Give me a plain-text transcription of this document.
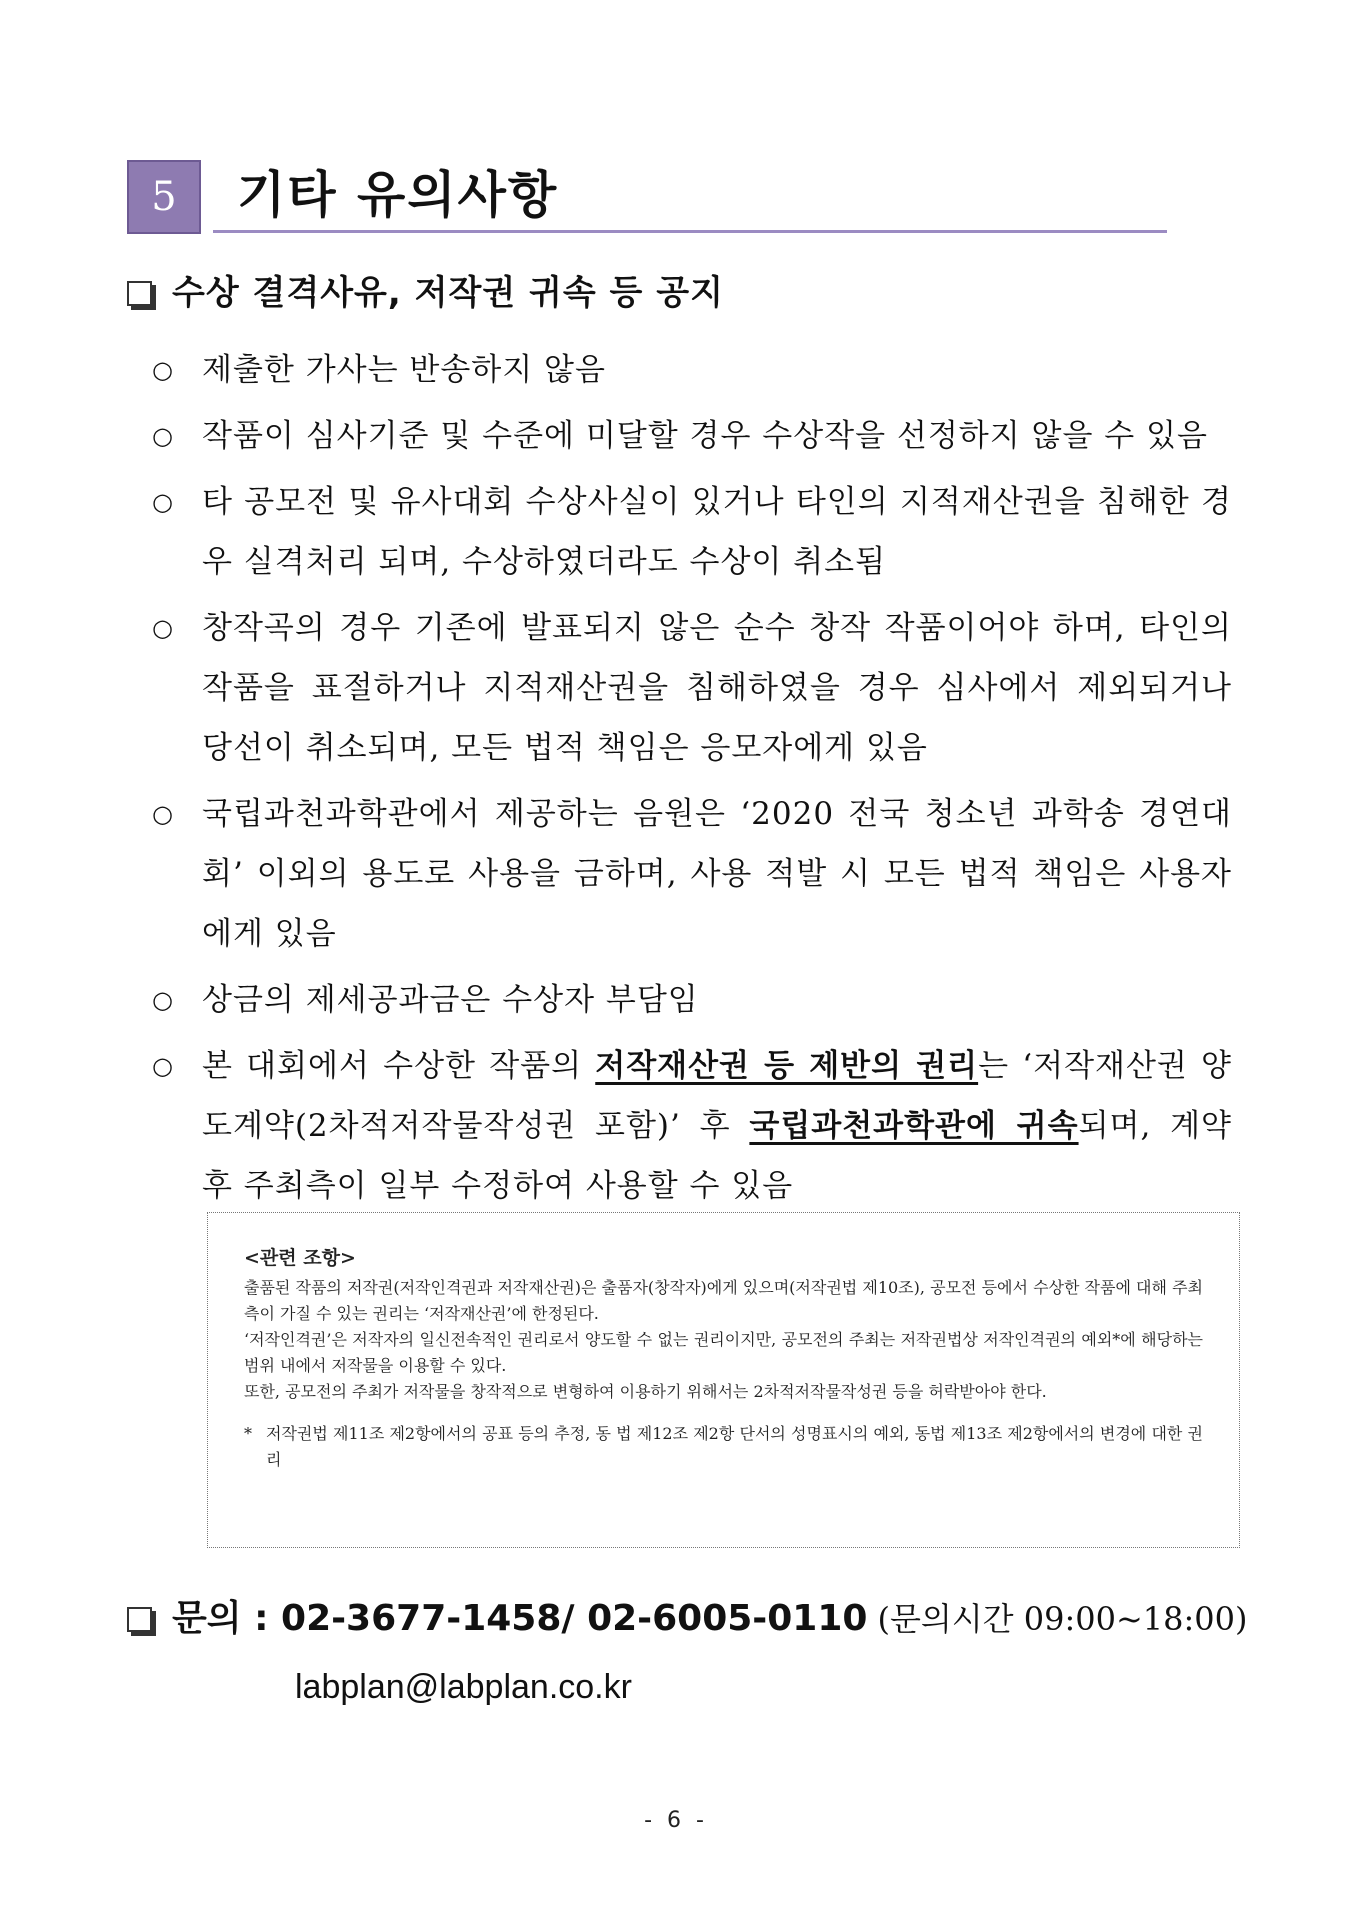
5	기타 유의사항
수상 결격사유, 저작권 귀속 등 공지
○ 제출한 가사는 반송하지 않음
○ 작품이 심사기준 및 수준에 미달할 경우 수상작을 선정하지 않을 수 있음
○ 타 공모전 및 유사대회 수상사실이 있거나 타인의 지적재산권을 침해한 경우 실격처리 되며, 수상하였더라도 수상이 취소됨
○ 창작곡의 경우 기존에 발표되지 않은 순수 창작 작품이어야 하며, 타인의 작품을 표절하거나 지적재산권을 침해하였을 경우 심사에서 제외되거나 당선이 취소되며, 모든 법적 책임은 응모자에게 있음
○ 국립과천과학관에서 제공하는 음원은 ‘2020 전국 청소년 과학송 경연대회’ 이외의 용도로 사용을 금하며, 사용 적발 시 모든 법적 책임은 사용자에게 있음
○ 상금의 제세공과금은 수상자 부담임
○ 본 대회에서 수상한 작품의 저작재산권 등 제반의 권리는 ‘저작재산권 양도계약(2차적저작물작성권 포함)’ 후 국립과천과학관에 귀속되며, 계약 후 주최측이 일부 수정하여 사용할 수 있음
<관련 조항>

출품된 작품의 저작권(저작인격권과 저작재산권)은 출품자(창작자)에게 있으며(저작권법 제10조), 공모전 등에서 수상한 작품에 대해 주최 측이 가질 수 있는 권리는 ‘저작재산권’에 한정된다.

‘저작인격권’은 저작자의 일신전속적인 권리로서 양도할 수 없는 권리이지만, 공모전의 주최는 저작권법상 저작인격권의 예외*에 해당하는 범위 내에서 저작물을 이용할 수 있다.

또한, 공모전의 주최가 저작물을 창작적으로 변형하여 이용하기 위해서는 2차적저작물작성권 등을 허락받아야 한다.

* 저작권법 제11조 제2항에서의 공표 등의 추정, 동 법 제12조 제2항 단서의 성명표시의 예외, 동법 제13조 제2항에서의 변경에 대한 권리

문의 : 02-3677-1458/ 02-6005-0110 (문의시간 09:00~18:00)
labplan@labplan.co.kr
- 6 -
